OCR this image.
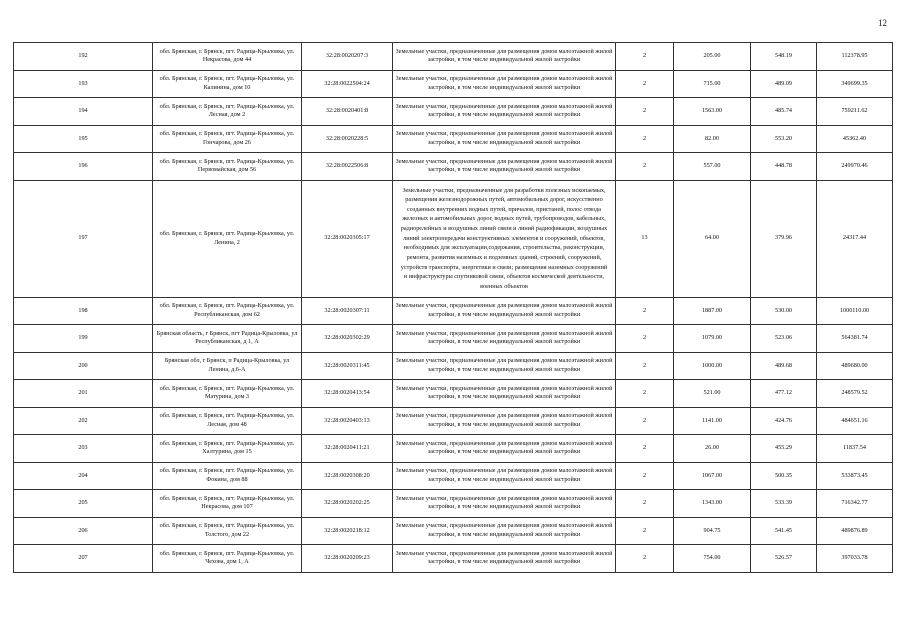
12
192	обл. Брянская, г. Брянск, пгт. Радица-Крыловка, ул. Некрасова, дом 44	32:28:0020207:3	Земельные участки, предназначенные для размещения домов малоэтажной жилой застройки, в том числе индивидуальной жилой застройки	2	205.00	548.19	112378.95
193	обл. Брянская, г. Брянск, пгт. Радица-Крыловка, ул. Калинина, дом 10	32:28:0022504:24	Земельные участки, предназначенные для размещения домов малоэтажной жилой застройки, в том числе индивидуальной жилой застройки	2	715.00	489.09	349699.35
194	обл. Брянская, г. Брянск, пгт. Радица-Крыловка, ул. Лесная, дом 2	32:28:0020401:8	Земельные участки, предназначенные для размещения домов малоэтажной жилой застройки, в том числе индивидуальной жилой застройки	2	1563.00	485.74	759211.62
195	обл. Брянская, г. Брянск, пгт. Радица-Крыловка, ул. Гончарова, дом 26	32:28:0020228:5	Земельные участки, предназначенные для размещения домов малоэтажной жилой застройки, в том числе индивидуальной жилой застройки	2	82.00	553.20	45362.40
196	обл. Брянская, г. Брянск, пгт. Радица-Крыловка, ул. Первомайская, дом 56	32:28:0022506:8	Земельные участки, предназначенные для размещения домов малоэтажной жилой застройки, в том числе индивидуальной жилой застройки	2	557.00	448.78	249970.46
197	обл. Брянская, г. Брянск, пгт. Радица-Крыловка, ул. Ленина, 2	32:28:0020305:17	Земельные участки, предназначенные для разработки полезных ископаемых, размещения железнодорожных путей, автомобильных дорог, искусственно созданных внутренних водных путей, причалов, пристаней, полос отвода железных и автомобильных дорог, водных путей, трубопроводов, кабельных, радиорелейных и воздушных линий связи и линий радиофикации, воздушных линий электропередачи конструктивных элементов и сооружений, объектов, необходимых для эксплуатации,содержания, строительства, реконструкции, ремонта, развития наземных и подземных зданий, строений, сооружений, устройств транспорта, энергетики и связи; размещения наземных сооружений и инфраструктуры спутниковой связи, объектов космической деятельности, военных объектов	13	64.00	379.96	24317.44
198	обл. Брянская, г. Брянск, пгт. Радица-Крыловка, ул. Республиканская, дом 62	32:28:0020307:11	Земельные участки, предназначенные для размещения домов малоэтажной жилой застройки, в том числе индивидуальной жилой застройки	2	1887.00	530.00	1000110.00
199	Брянская область, г Брянск, пгт Радица-Крыловка, ул Республиканская, д 1, А	32:28:0020302:29	Земельные участки, предназначенные для размещения домов малоэтажной жилой застройки, в том числе индивидуальной жилой застройки	2	1079.00	523.06	564381.74
200	Брянская обл, г Брянск, п Радица-Крыловка, ул Ленина, д.6-А	32:28:0020311:45	Земельные участки, предназначенные для размещения домов малоэтажной жилой застройки, в том числе индивидуальной жилой застройки	2	1000.00	489.68	489680.00
201	обл. Брянская, г. Брянск, пгт. Радица-Крыловка, ул. Матурина, дом 3	32:28:0020413:54	Земельные участки, предназначенные для размещения домов малоэтажной жилой застройки, в том числе индивидуальной жилой застройки	2	521.00	477.12	248579.52
202	обл. Брянская, г. Брянск, пгт. Радица-Крыловка, ул. Лесная, дом 48	32:28:0020403:13	Земельные участки, предназначенные для размещения домов малоэтажной жилой застройки, в том числе индивидуальной жилой застройки	2	1141.00	424.76	484651.16
203	обл. Брянская, г. Брянск, пгт. Радица-Крыловка, ул. Халтурина, дом 15	32:28:0020411:21	Земельные участки, предназначенные для размещения домов малоэтажной жилой застройки, в том числе индивидуальной жилой застройки	2	26.00	455.29	11837.54
204	обл. Брянская, г. Брянск, пгт. Радица-Крыловка, ул. Фокина, дом 88	32:28:0020308:20	Земельные участки, предназначенные для размещения домов малоэтажной жилой застройки, в том числе индивидуальной жилой застройки	2	1067.00	500.35	533873.45
205	обл. Брянская, г. Брянск, пгт. Радица-Крыловка, ул. Некрасова, дом 107	32:28:0020202:25	Земельные участки, предназначенные для размещения домов малоэтажной жилой застройки, в том числе индивидуальной жилой застройки	2	1343.00	533.39	716342.77
206	обл. Брянская, г. Брянск, пгт. Радица-Крыловка, ул. Толстого, дом 22	32:28:0020218:12	Земельные участки, предназначенные для размещения домов малоэтажной жилой застройки, в том числе индивидуальной жилой застройки	2	904.75	541.45	489876.89
207	обл. Брянская, г. Брянск, пгт. Радица-Крыловка, ул. Чехова, дом 1, А	32:28:0020209:23	Земельные участки, предназначенные для размещения домов малоэтажной жилой застройки, в том числе индивидуальной жилой застройки	2	754.00	526.57	397033.78
